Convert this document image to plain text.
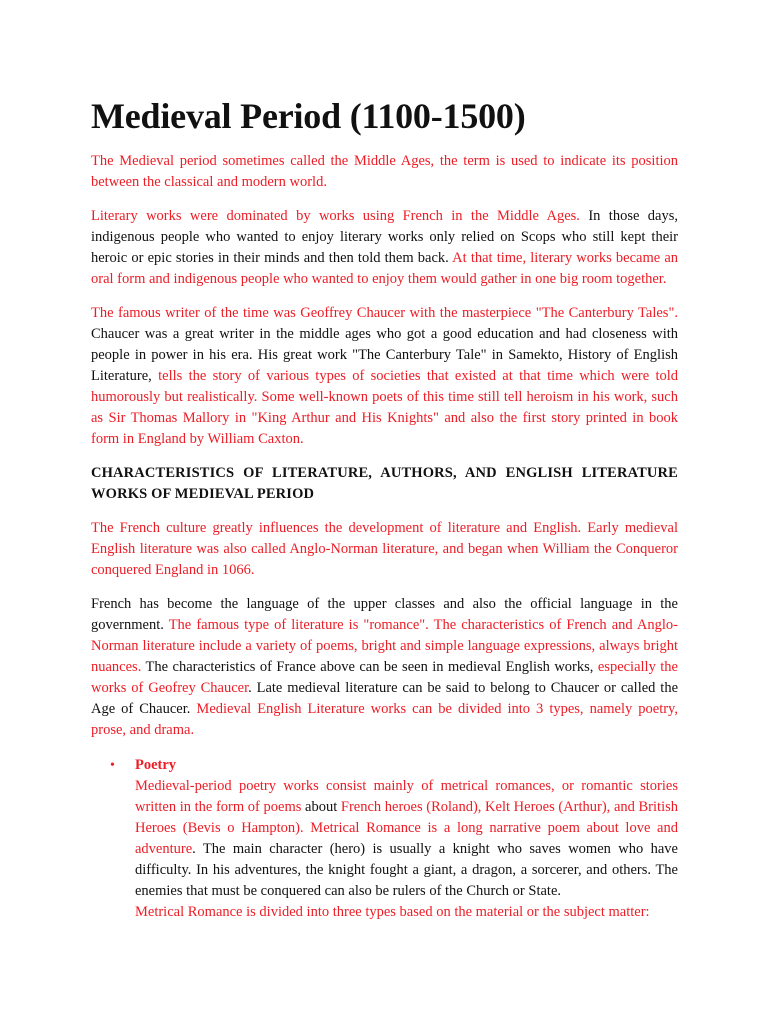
Medieval Period (1100-1500)

The Medieval period sometimes called the Middle Ages, the term is used to indicate its position between the classical and modern world.

Literary works were dominated by works using French in the Middle Ages. In those days, indigenous people who wanted to enjoy literary works only relied on Scops who still kept their heroic or epic stories in their minds and then told them back. At that time, literary works became an oral form and indigenous people who wanted to enjoy them would gather in one big room together.

The famous writer of the time was Geoffrey Chaucer with the masterpiece "The Canterbury Tales". Chaucer was a great writer in the middle ages who got a good education and had closeness with people in power in his era. His great work "The Canterbury Tale" in Samekto, History of English Literature, tells the story of various types of societies that existed at that time which were told humorously but realistically. Some well-known poets of this time still tell heroism in his work, such as Sir Thomas Mallory in "King Arthur and His Knights" and also the first story printed in book form in England by William Caxton.

CHARACTERISTICS OF LITERATURE, AUTHORS, AND ENGLISH LITERATURE WORKS OF MEDIEVAL PERIOD

The French culture greatly influences the development of literature and English. Early medieval English literature was also called Anglo-Norman literature, and began when William the Conqueror conquered England in 1066.

French has become the language of the upper classes and also the official language in the government. The famous type of literature is "romance". The characteristics of French and Anglo-Norman literature include a variety of poems, bright and simple language expressions, always bright nuances. The characteristics of France above can be seen in medieval English works, especially the works of Geofrey Chaucer. Late medieval literature can be said to belong to Chaucer or called the Age of Chaucer. Medieval English Literature works can be divided into 3 types, namely poetry, prose, and drama.

• Poetry
Medieval-period poetry works consist mainly of metrical romances, or romantic stories written in the form of poems about French heroes (Roland), Kelt Heroes (Arthur), and British Heroes (Bevis o Hampton). Metrical Romance is a long narrative poem about love and adventure. The main character (hero) is usually a knight who saves women who have difficulty. In his adventures, the knight fought a giant, a dragon, a sorcerer, and others. The enemies that must be conquered can also be rulers of the Church or State.
Metrical Romance is divided into three types based on the material or the subject matter:
